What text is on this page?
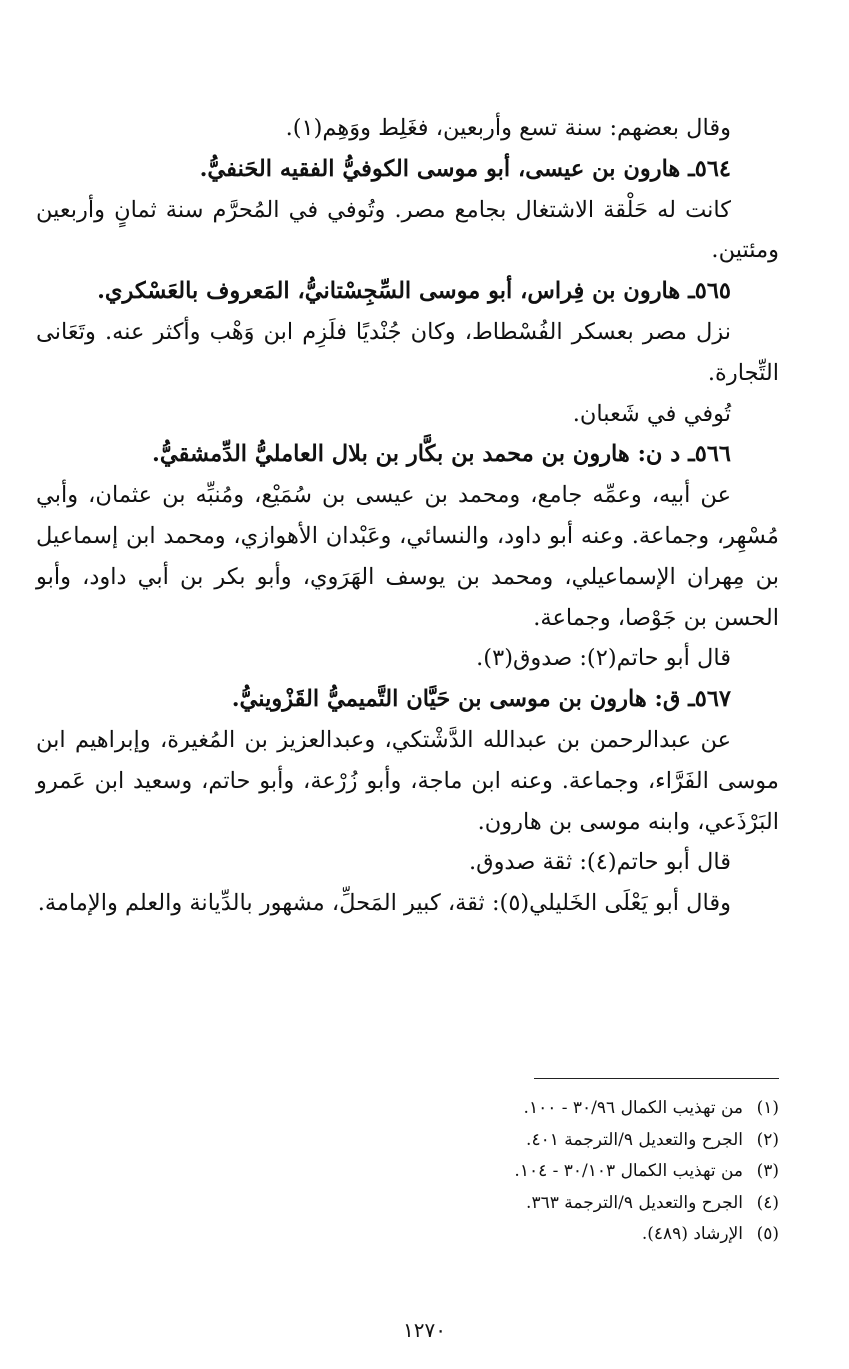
وقال بعضهم: سنة تسع وأربعين، فغَلِط ووَهِم(١).

٥٦٤ـ هارون بن عيسى، أبو موسى الكوفيُّ الفقيه الحَنفيُّ.

كانت له حَلْقة الاشتغال بجامع مصر. وتُوفي في المُحرَّم سنة ثمانٍ وأربعين ومئتين.

٥٦٥ـ هارون بن فِراس، أبو موسى السِّجِسْتانيُّ، المَعروف بالعَسْكري.

نزل مصر بعسكر الفُسْطاط، وكان جُنْديًا فلَزِم ابن وَهْب وأكثر عنه. وتَعَانى التِّجارة.

تُوفي في شَعبان.

٥٦٦ـ د ن: هارون بن محمد بن بكَّار بن بلال العامليُّ الدِّمشقيُّ.

عن أبيه، وعمِّه جامع، ومحمد بن عيسى بن سُمَيْع، ومُنبِّه بن عثمان، وأبي مُسْهِر، وجماعة. وعنه أبو داود، والنسائي، وعَبْدان الأهوازي، ومحمد ابن إسماعيل بن مِهران الإسماعيلي، ومحمد بن يوسف الهَرَوي، وأبو بكر بن أبي داود، وأبو الحسن بن جَوْصا، وجماعة.

قال أبو حاتم(٢): صدوق(٣).

٥٦٧ـ ق: هارون بن موسى بن حَيَّان التَّميميُّ القَزْوينيُّ.

عن عبدالرحمن بن عبدالله الدَّشْتكي، وعبدالعزيز بن المُغيرة، وإبراهيم ابن موسى الفَرَّاء، وجماعة. وعنه ابن ماجة، وأبو زُرْعة، وأبو حاتم، وسعيد ابن عَمرو البَرْذَعي، وابنه موسى بن هارون.

قال أبو حاتم(٤): ثقة صدوق.

وقال أبو يَعْلَى الخَليلي(٥): ثقة، كبير المَحلِّ، مشهور بالدِّيانة والعلم والإمامة.

(١)من تهذيب الكمال ٣٠/٩٦ - ١٠٠.
(٢)الجرح والتعديل ٩/الترجمة ٤٠١.
(٣)من تهذيب الكمال ٣٠/١٠٣ - ١٠٤.
(٤)الجرح والتعديل ٩/الترجمة ٣٦٣.
(٥)الإرشاد (٤٨٩).
١٢٧٠
